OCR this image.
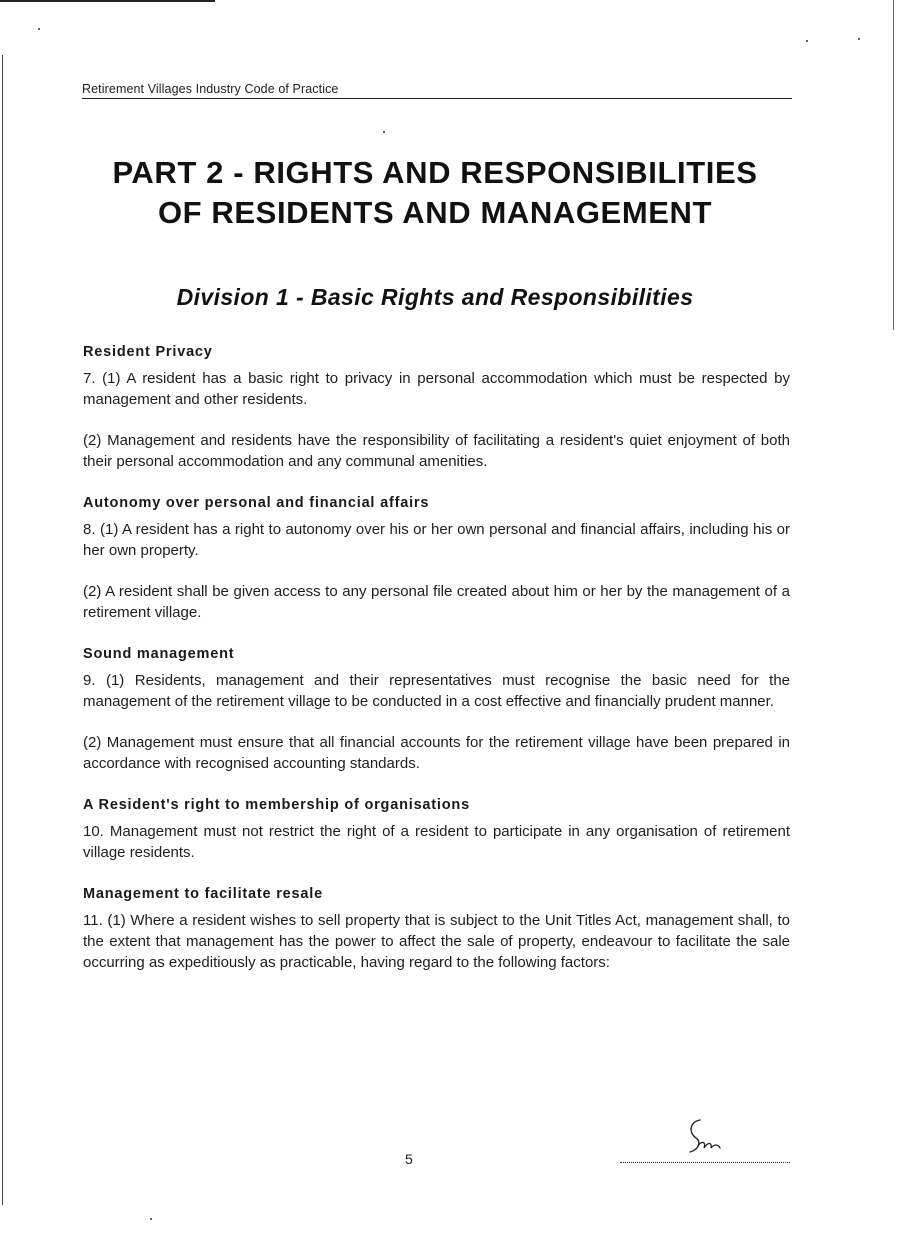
Retirement Villages Industry Code of Practice
PART 2 - RIGHTS AND RESPONSIBILITIES
OF RESIDENTS AND MANAGEMENT
Division 1 - Basic Rights and Responsibilities
Resident Privacy

7. (1) A resident has a basic right to privacy in personal accommodation which must be respected by management and other residents.

(2) Management and residents have the responsibility of facilitating a resident's quiet enjoyment of both their personal accommodation and any communal amenities.

Autonomy over personal and financial affairs

8. (1) A resident has a right to autonomy over his or her own personal and financial affairs, including his or her own property.

(2) A resident shall be given access to any personal file created about him or her by the management of a retirement village.

Sound management

9. (1) Residents, management and their representatives must recognise the basic need for the management of the retirement village to be conducted in a cost effective and financially prudent manner.

(2) Management must ensure that all financial accounts for the retirement village have been prepared in accordance with recognised accounting standards.

A Resident's right to membership of organisations

10. Management must not restrict the right of a resident to participate in any organisation of retirement village residents.

Management to facilitate resale

11. (1) Where a resident wishes to sell property that is subject to the Unit Titles Act, management shall, to the extent that management has the power to affect the sale of property, endeavour to facilitate the sale occurring as expeditiously as practicable, having regard to the following factors:

5
